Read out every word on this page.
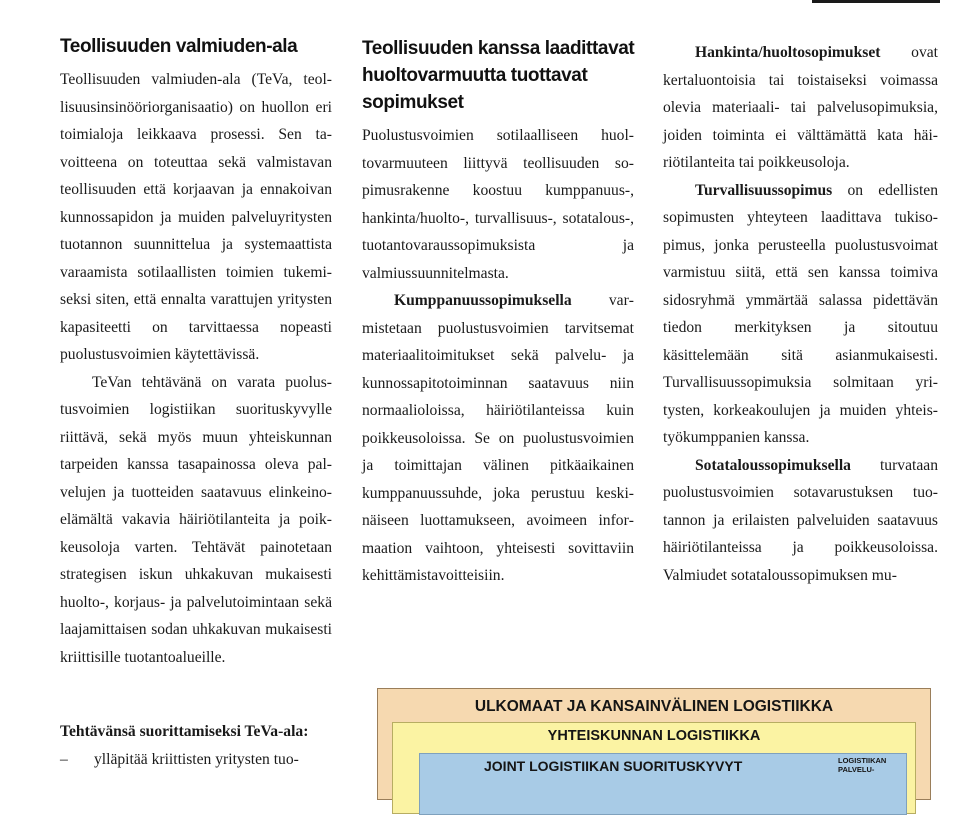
Teollisuuden valmiuden-ala

Teollisuuden valmiuden-ala (TeVa, teollisuusinsinööriorganisaatio) on huollon eri toimialoja leikkaava prosessi. Sen tavoitteena on toteuttaa sekä valmistavan teollisuuden että korjaavan ja ennakoivan kunnossapidon ja muiden palveluyritysten tuotannon suunnittelua ja systemaattista varaamista sotilaallisten toimien tukemiseksi siten, että ennalta varattujen yritysten kapasiteetti on tarvittaessa nopeasti puolustusvoimien käytettävissä.

TeVan tehtävänä on varata puolustusvoimien logistiikan suorituskyvylle riittävä, sekä myös muun yhteiskunnan tarpeiden kanssa tasapainossa oleva palvelujen ja tuotteiden saatavuus elinkeinoelämältä vakavia häiriötilanteita ja poikkeusoloja varten. Tehtävät painotetaan strategisen iskun uhkakuvan mukaisesti huolto-, korjaus- ja palvelutoimintaan sekä laajamittaisen sodan uhkakuvan mukaisesti kriittisille tuotantoalueille.

Tehtävänsä suorittamiseksi TeVa-ala:
– ylläpitää kriittisten yritysten tuo-
Teollisuuden kanssa laadittavat huoltovarmuutta tuottavat sopimukset

Puolustusvoimien sotilaalliseen huoltovarmuuteen liittyvä teollisuuden sopimusrakenne koostuu kumppanuus-, hankinta/huolto-, turvallisuus-, sotatalous-, tuotantovaraussopimuksista ja valmiussuunnitelmasta.

Kumppanuussopimuksella varmistetaan puolustusvoimien tarvitsemat materiaalitoimitukset sekä palvelu- ja kunnossapitotoiminnan saatavuus niin normaalioloissa, häiriötilanteissa kuin poikkeusoloissa. Se on puolustusvoimien ja toimittajan välinen pitkäaikainen kumppanuussuhde, joka perustuu keskinäiseen luottamukseen, avoimeen informaation vaihtoon, yhteisesti sovittaviin kehittämistavoitteisiin.

Hankinta/huoltosopimukset ovat kertaluontoisia tai toistaiseksi voimassa olevia materiaali- tai palvelusopimuksia, joiden toiminta ei välttämättä kata häiriötilanteita tai poikkeusoloja.

Turvallisuussopimus on edellisten sopimusten yhteyteen laadittava tukisopimus, jonka perusteella puolustusvoimat varmistuu siitä, että sen kanssa toimiva sidosryhmä ymmärtää salassa pidettävän tiedon merkityksen ja sitoutuu käsittelemään sitä asianmukaisesti. Turvallisuussopimuksia solmitaan yritysten, korkeakoulujen ja muiden yhteistyökumppanien kanssa.

Sotataloussopimuksella turvataan puolustusvoimien sotavarustuksen tuotannon ja erilaisten palveluiden saatavuus häiriötilanteissa ja poikkeusoloissa. Valmiudet sotataloussopimuksen mu-

ULKOMAAT JA KANSAINVÄLINEN LOGISTIIKKA
YHTEISKUNNAN LOGISTIIKKA
JOINT LOGISTIIKAN SUORITUSKYVYT	LOGISTIIKAN PALVELU-
